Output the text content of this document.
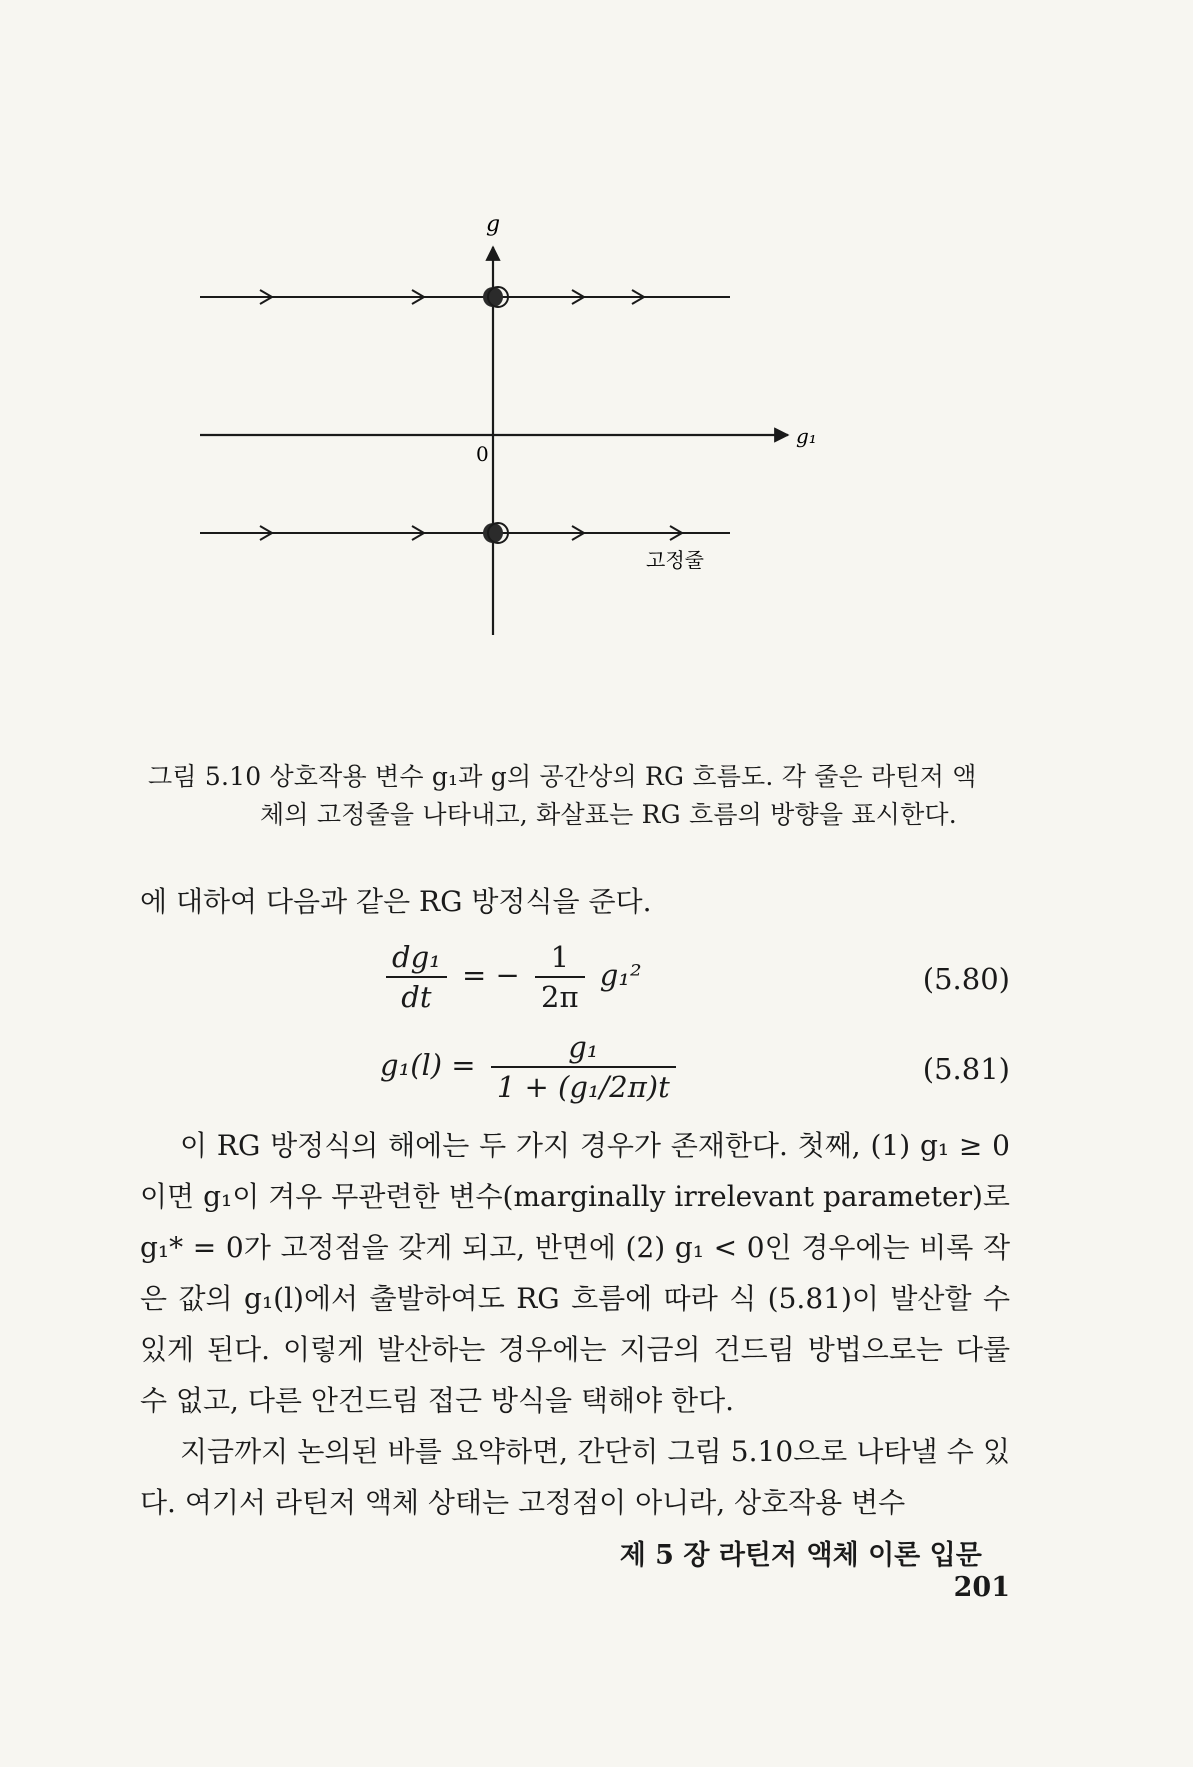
g
g₁
0
고정줄
그림 5.10 상호작용 변수 g₁과 g의 공간상의 RG 흐름도. 각 줄은 라틴저 액
체의 고정줄을 나타내고, 화살표는 RG 흐름의 방향을 표시한다.
에 대하여 다음과 같은 RG 방정식을 준다.
$\frac{\text{dg₁}}{dt}$ = − $\frac{1}{2\pi} g_1^2$	(5.80)
$g_1(l) = \frac{\text{g₁}}{\text{1 + (g₁/2π)t}}$	(5.81)

이 RG 방정식의 해에는 두 가지 경우가 존재한다. 첫째, (1) g₁ ≥ 0이면 g₁이 겨우 무관련한 변수(marginally irrelevant parameter)로 g₁* = 0가 고정점을 갖게 되고, 반면에 (2) g₁ < 0인 경우에는 비록 작은 값의 g₁(l)에서 출발하여도 RG 흐름에 따라 식 (5.81)이 발산할 수 있게 된다. 이렇게 발산하는 경우에는 지금의 건드림 방법으로는 다룰 수 없고, 다른 안건드림 접근 방식을 택해야 한다.

지금까지 논의된 바를 요약하면, 간단히 그림 5.10으로 나타낼 수 있다. 여기서 라틴저 액체 상태는 고정점이 아니라, 상호작용 변수

제 5 장 라틴저 액체 이론 입문    201
